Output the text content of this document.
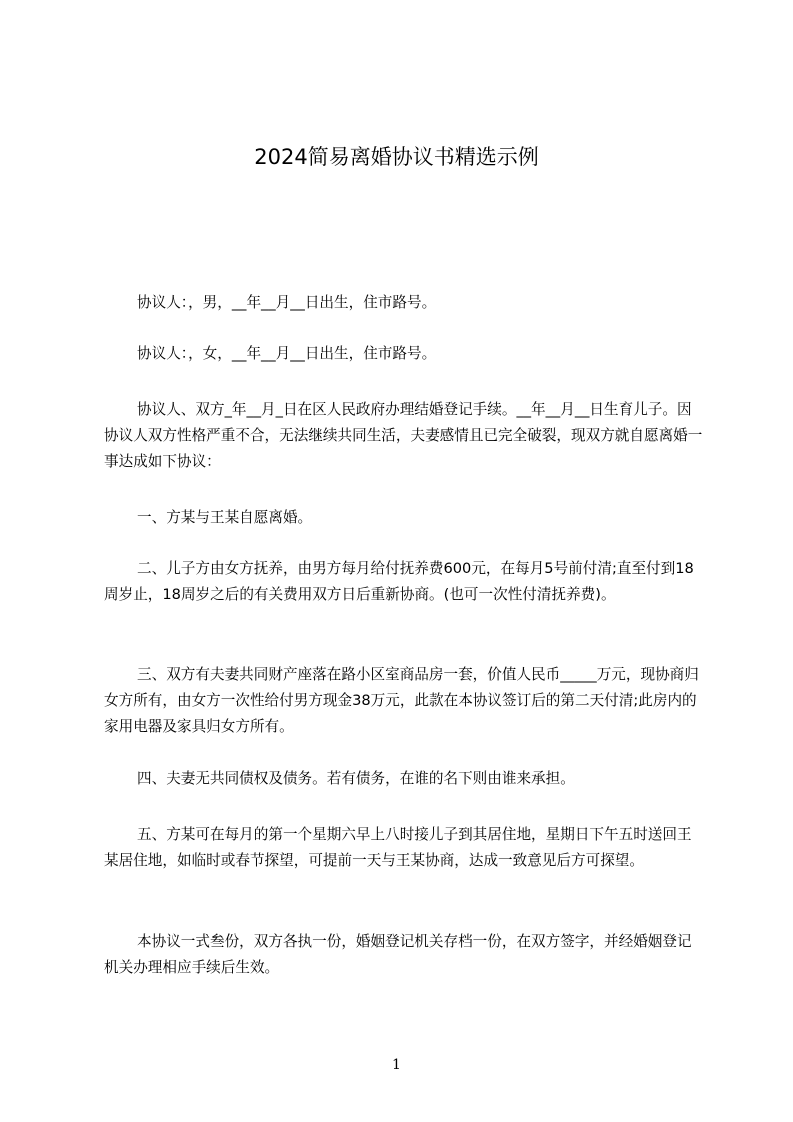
2024简易离婚协议书精选示例

协议人：，男，__年__月__日出生，住市路号。

协议人：，女，__年__月__日出生，住市路号。

协议人、双方_年__月_日在区人民政府办理结婚登记手续。__年__月__日生育儿子。因协议人双方性格严重不合，无法继续共同生活，夫妻感情且已完全破裂，现双方就自愿离婚一事达成如下协议：

一、方某与王某自愿离婚。

二、儿子方由女方抚养，由男方每月给付抚养费600元，在每月5号前付清;直至付到18周岁止，18周岁之后的有关费用双方日后重新协商。(也可一次性付清抚养费)。

三、双方有夫妻共同财产座落在路小区室商品房一套，价值人民币_____万元，现协商归女方所有，由女方一次性给付男方现金38万元，此款在本协议签订后的第二天付清;此房内的家用电器及家具归女方所有。

四、夫妻无共同债权及债务。若有债务，在谁的名下则由谁来承担。

五、方某可在每月的第一个星期六早上八时接儿子到其居住地，星期日下午五时送回王某居住地，如临时或春节探望，可提前一天与王某协商，达成一致意见后方可探望。

本协议一式叁份，双方各执一份，婚姻登记机关存档一份，在双方签字，并经婚姻登记机关办理相应手续后生效。

1
